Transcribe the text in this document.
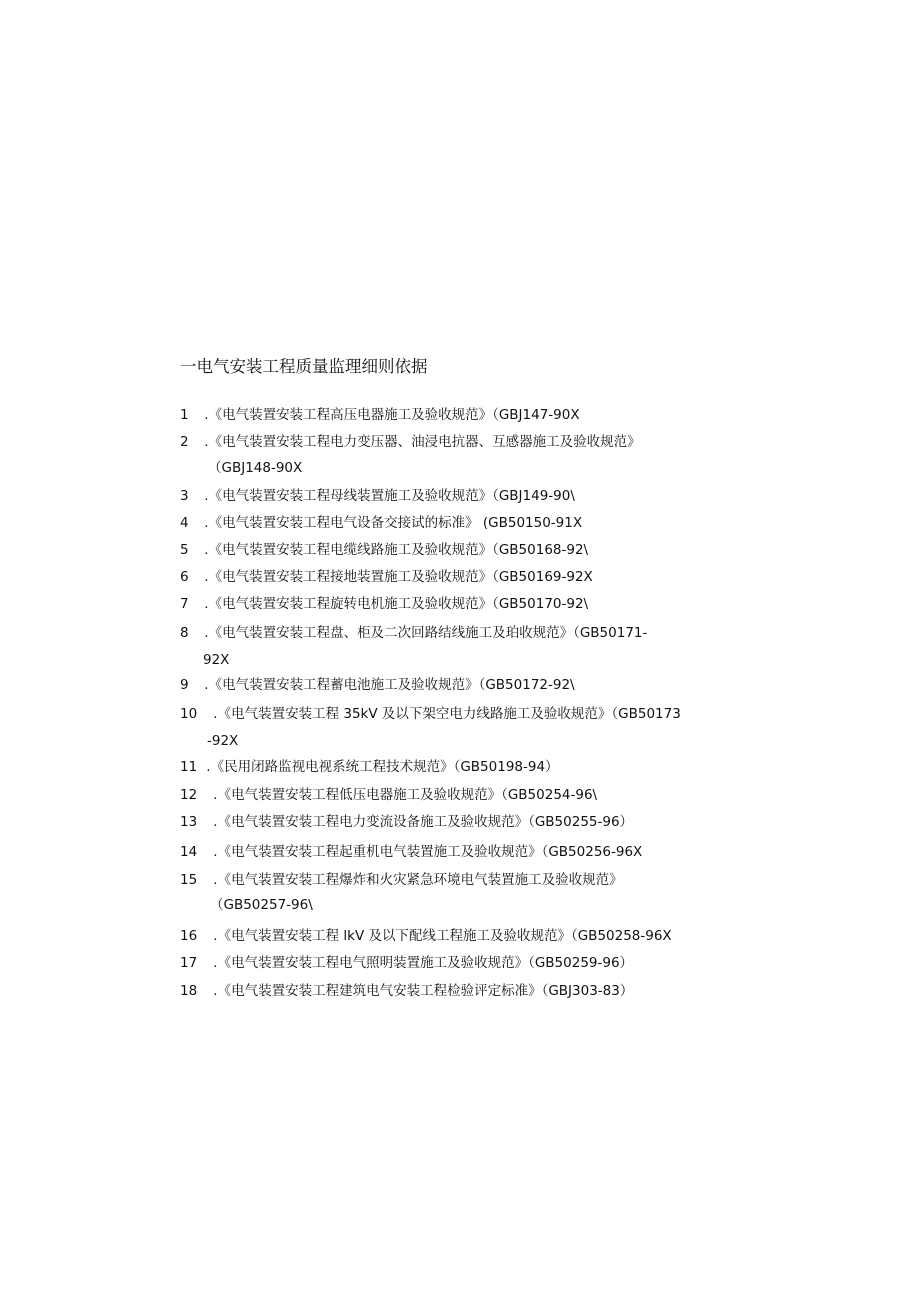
一电气安装工程质量监理细则依据
1 .《电气装置安装工程高压电器施工及验收规范》（GBJ147-90X
2 .《电气装置安装工程电力变压器、油浸电抗器、互感器施工及验收规范》
（GBJ148-90X
3 .《电气装置安装工程母线装置施工及验收规范》（GBJ149-90\
4 .《电气装置安装工程电气设备交接试的标准》 (GB50150-91X
5 .《电气装置安装工程电缆线路施工及验收规范》（GB50168-92\
6 .《电气装置安装工程接地装置施工及验收规范》（GB50169-92X
7 .《电气装置安装工程旋转电机施工及验收规范》（GB50170-92\
8 .《电气装置安装工程盘、柜及二次回路结线施工及珀收规范》（GB50171-
92X
9 .《电气装置安装工程蓄电池施工及验收规范》（GB50172-92\
10 .《电气装置安装工程 35kV 及以下架空电力线路施工及验收规范》（GB50173
-92X
11 .《民用闭路监视电视系统工程技术规范》（GB50198-94）
12 .《电气装置安装工程低压电器施工及验收规范》（GB50254-96\
13 .《电气装置安装工程电力变流设备施工及验收规范》（GB50255-96）
14 .《电气装置安装工程起重机电气装置施工及验收规范》（GB50256-96X
15 .《电气装置安装工程爆炸和火灾紧急环境电气装置施工及验收规范》
（GB50257-96\
16 .《电气装置安装工程 lkV 及以下配线工程施工及验收规范》（GB50258-96X
17 .《电气装置安装工程电气照明装置施工及验收规范》（GB50259-96）
18 .《电气装置安装工程建筑电气安装工程检验评定标准》（GBJ303-83）
